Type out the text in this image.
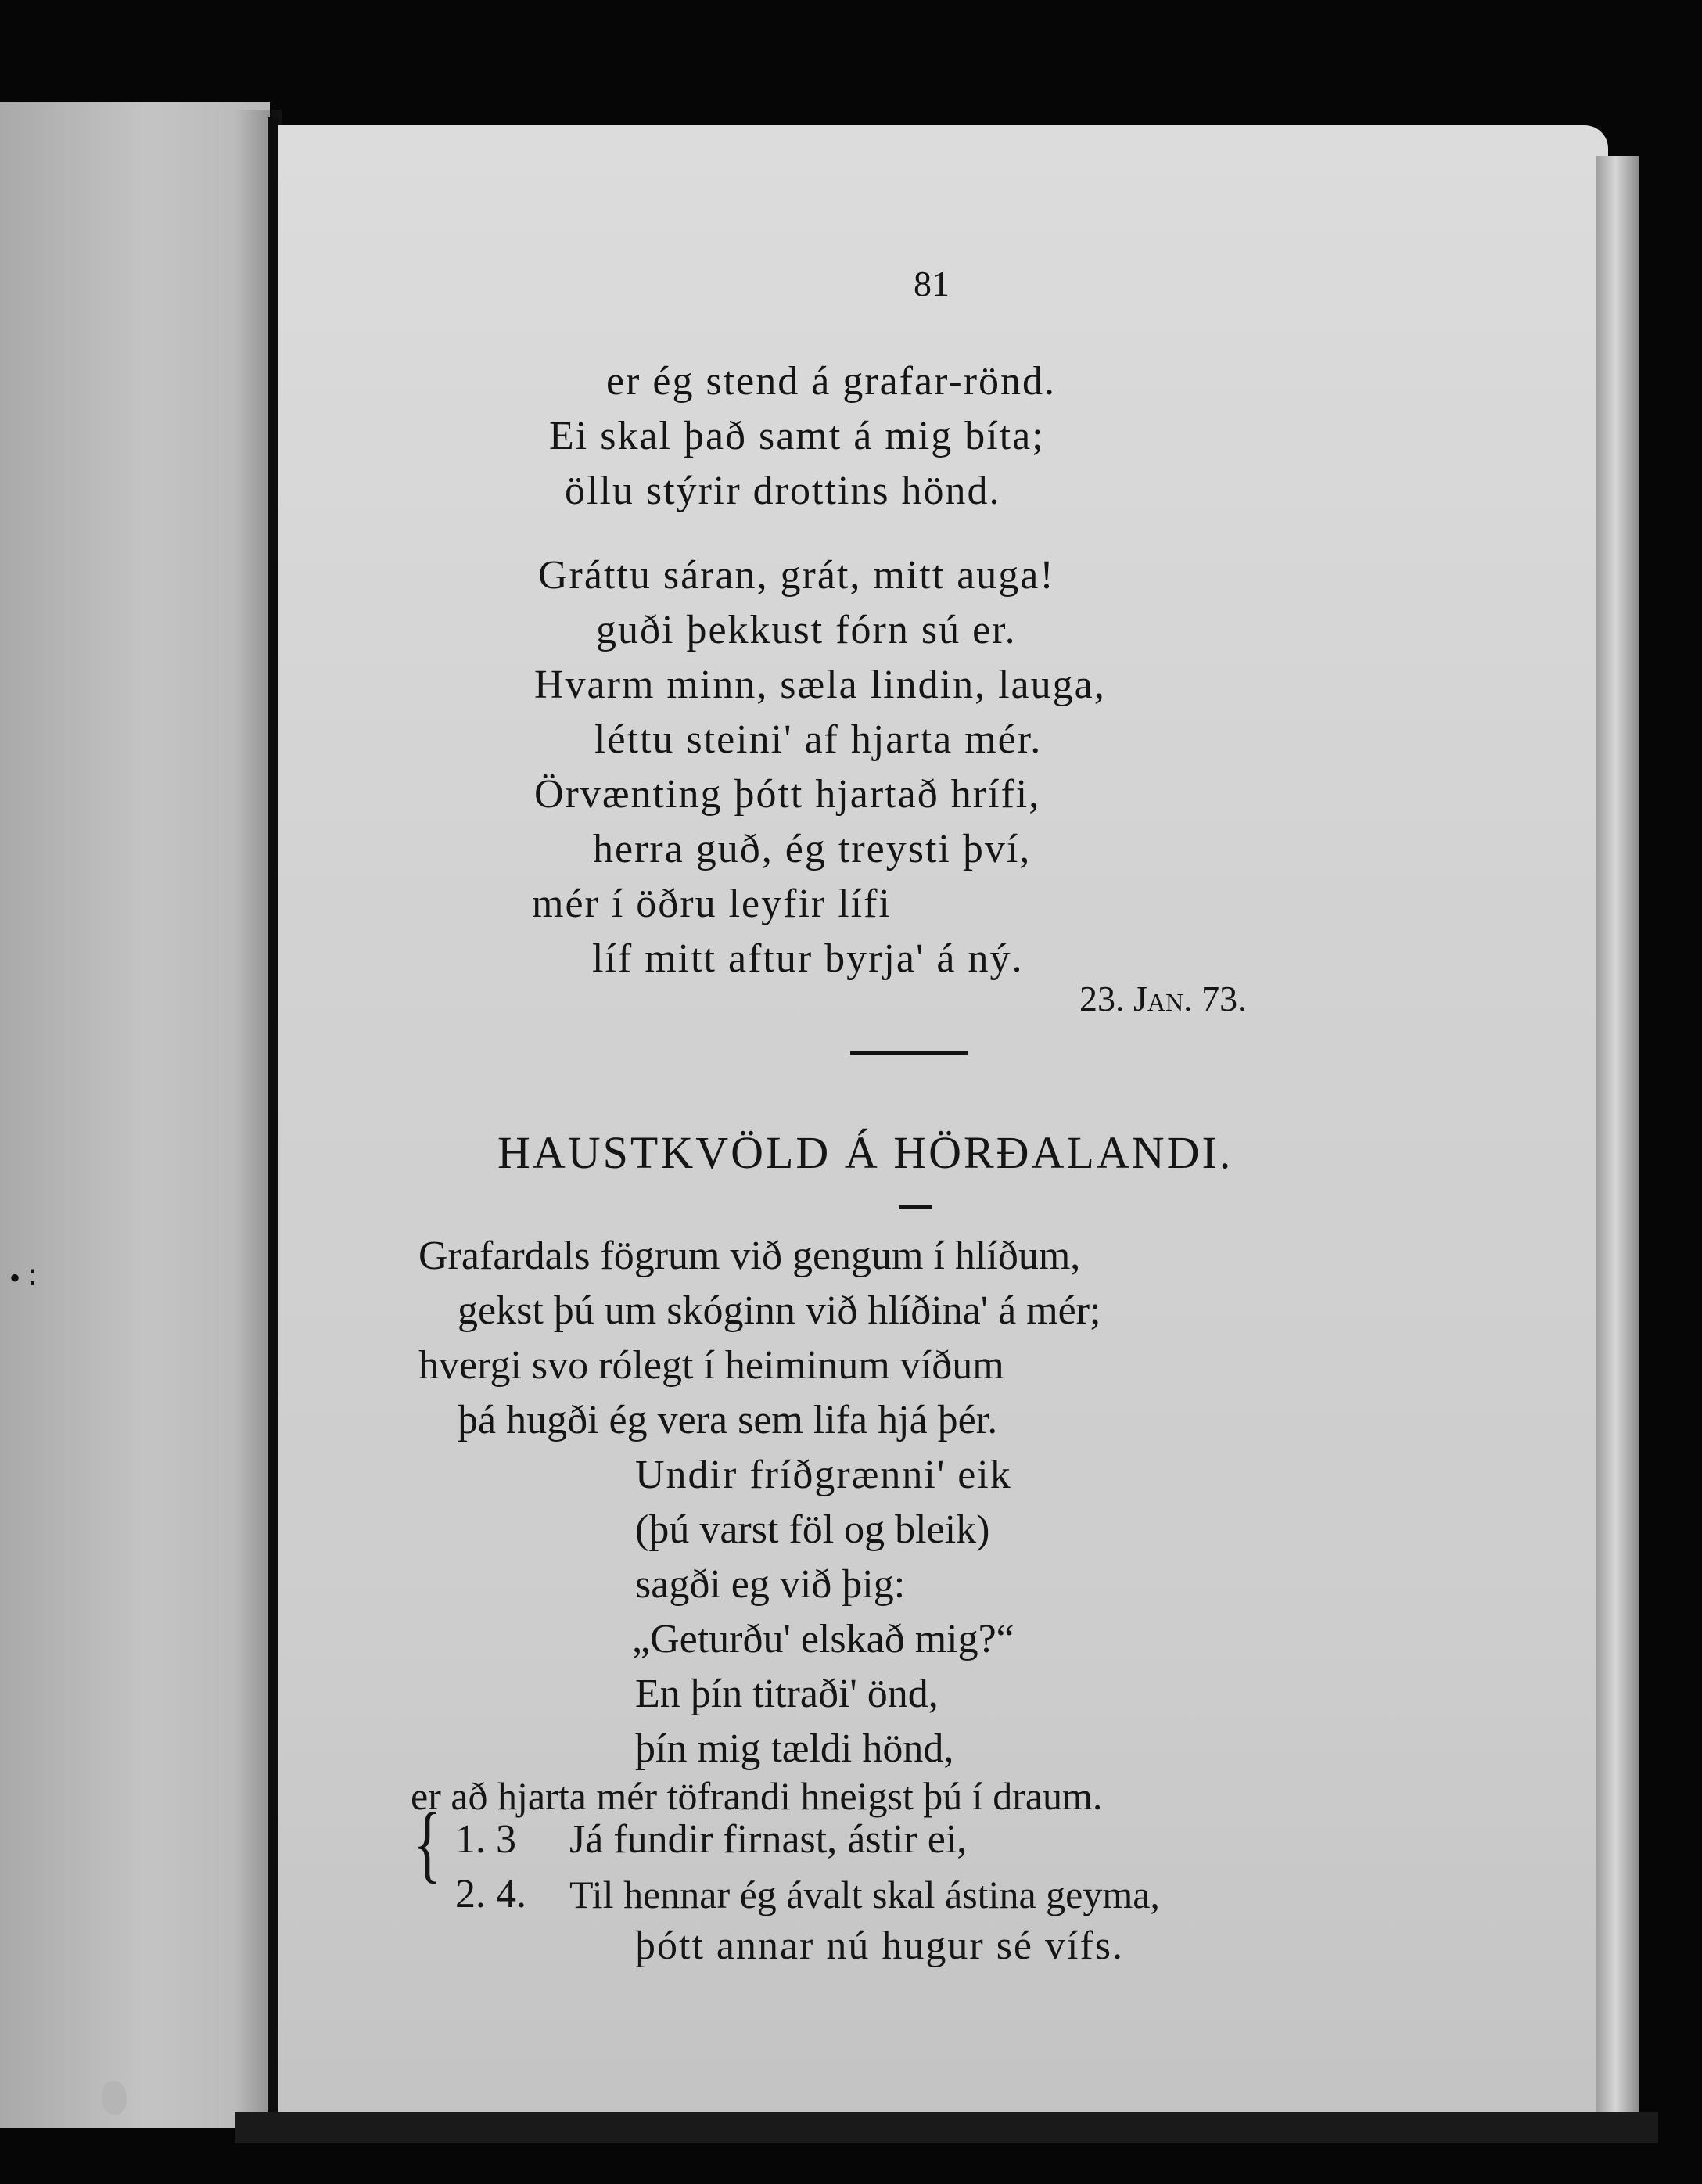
• ∶
81
er ég stend á grafar-rönd.
Ei skal það samt á mig bíta;
öllu stýrir drottins hönd.
Gráttu sáran, grát, mitt auga!
guði þekkust fórn sú er.
Hvarm minn, sæla lindin, lauga,
léttu steini' af hjarta mér.
Örvænting þótt hjartað hrífi,
herra guð, ég treysti því,
mér í öðru leyfir lífi
líf mitt aftur byrja' á ný.
23. Jan. 73.
HAUSTKVÖLD Á HÖRÐALANDI.
Grafardals fögrum við gengum í hlíðum,
gekst þú um skóginn við hlíðina' á mér;
hvergi svo rólegt í heiminum víðum
þá hugði ég vera sem lifa hjá þér.
Undir fríðgrænni' eik
(þú varst föl og bleik)
sagði eg við þig:
„Geturðu' elskað mig?“
En þín titraði' önd,
þín mig tældi hönd,
er að hjarta mér töfrandi hneigst þú í draum.
{ 1. 3 Já fundir firnast, ástir ei,
2. 4. Til hennar ég ávalt skal ástina geyma,
þótt annar nú hugur sé vífs.
